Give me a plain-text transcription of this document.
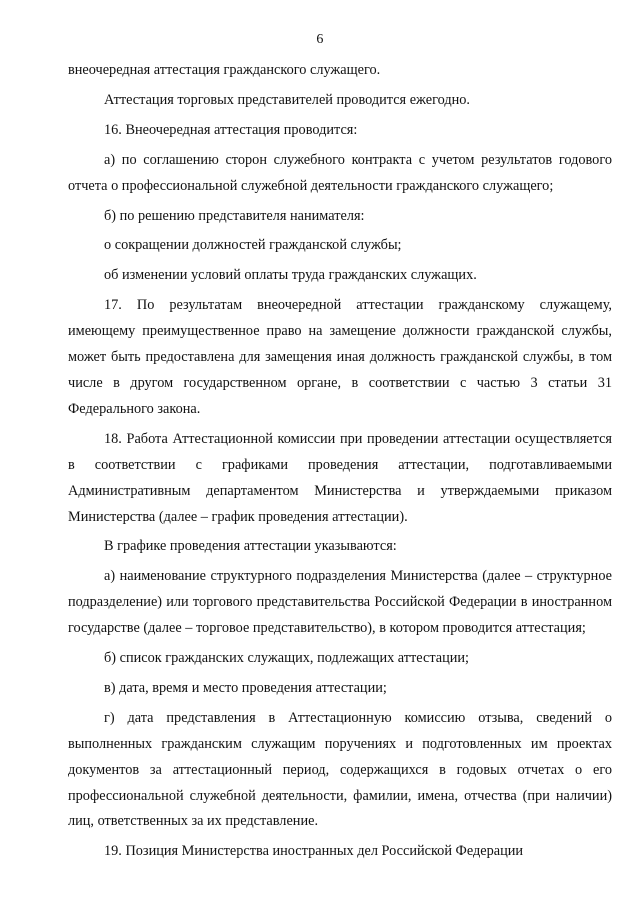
6

внеочередная аттестация гражданского служащего.

Аттестация торговых представителей проводится ежегодно.

16. Внеочередная аттестация проводится:

а) по соглашению сторон служебного контракта с учетом результатов годового отчета о профессиональной служебной деятельности гражданского служащего;

б) по решению представителя нанимателя:

о сокращении должностей гражданской службы;

об изменении условий оплаты труда гражданских служащих.

17. По результатам внеочередной аттестации гражданскому служащему, имеющему преимущественное право на замещение должности гражданской службы, может быть предоставлена для замещения иная должность гражданской службы, в том числе в другом государственном органе, в соответствии с частью 3 статьи 31 Федерального закона.

18. Работа Аттестационной комиссии при проведении аттестации осуществляется в соответствии с графиками проведения аттестации, подготавливаемыми Административным департаментом Министерства и утверждаемыми приказом Министерства (далее – график проведения аттестации).

В графике проведения аттестации указываются:

а) наименование структурного подразделения Министерства (далее – структурное подразделение) или торгового представительства Российской Федерации в иностранном государстве (далее – торговое представительство), в котором проводится аттестация;

б) список гражданских служащих, подлежащих аттестации;

в) дата, время и место проведения аттестации;

г) дата представления в Аттестационную комиссию отзыва, сведений о выполненных гражданским служащим поручениях и подготовленных им проектах документов за аттестационный период, содержащихся в годовых отчетах о его профессиональной служебной деятельности, фамилии, имена, отчества (при наличии) лиц, ответственных за их представление.

19. Позиция Министерства иностранных дел Российской Федерации
